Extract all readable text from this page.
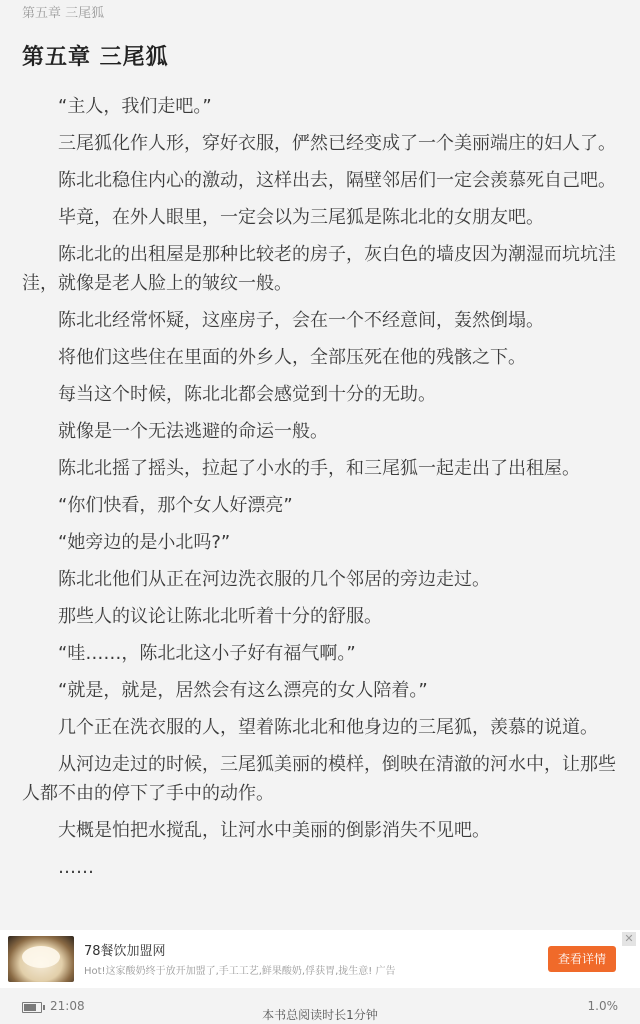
第五章 三尾狐
第五章 三尾狐

“主人，我们走吧。”

三尾狐化作人形，穿好衣服，俨然已经变成了一个美丽端庄的妇人了。

陈北北稳住内心的激动，这样出去，隔壁邻居们一定会羡慕死自己吧。

毕竟，在外人眼里，一定会以为三尾狐是陈北北的女朋友吧。

陈北北的出租屋是那种比较老的房子，灰白色的墙皮因为潮湿而坑坑洼洼，就像是老人脸上的皱纹一般。

陈北北经常怀疑，这座房子，会在一个不经意间，轰然倒塌。

将他们这些住在里面的外乡人，全部压死在他的残骸之下。

每当这个时候，陈北北都会感觉到十分的无助。

就像是一个无法逃避的命运一般。

陈北北摇了摇头，拉起了小水的手，和三尾狐一起走出了出租屋。

“你们快看，那个女人好漂亮”

“她旁边的是小北吗?”

陈北北他们从正在河边洗衣服的几个邻居的旁边走过。

那些人的议论让陈北北听着十分的舒服。

“哇……，陈北北这小子好有福气啊。”

“就是，就是，居然会有这么漂亮的女人陪着。”

几个正在洗衣服的人，望着陈北北和他身边的三尾狐，羡慕的说道。

从河边走过的时候，三尾狐美丽的模样，倒映在清澈的河水中，让那些人都不由的停下了手中的动作。

大概是怕把水搅乱，让河水中美丽的倒影消失不见吧。

……

78餐饮加盟网
Hot!这家酸奶终于放开加盟了,手工工艺,鲜果酸奶,俘获胃,拢生意! 广告
查看详情
✕
21:08
本书总阅读时长1分钟
1.0%
